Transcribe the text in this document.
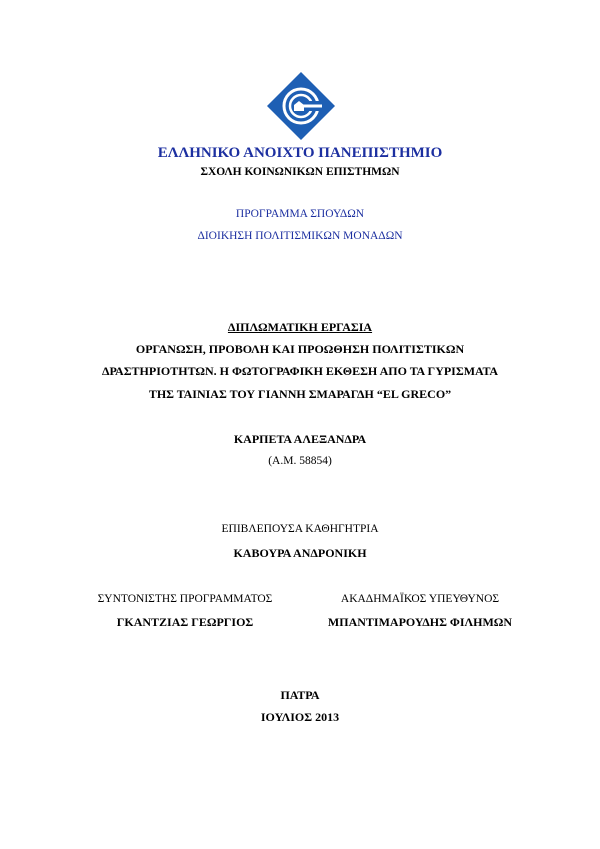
ΕΛΛΗΝΙΚΟ ΑΝΟΙΧΤΟ ΠΑΝΕΠΙΣΤΗΜΙΟ
ΣΧΟΛΗ ΚΟΙΝΩΝΙΚΩΝ ΕΠΙΣΤΗΜΩΝ
ΠΡΟΓΡΑΜΜΑ ΣΠΟΥΔΩΝ
ΔΙΟΙΚΗΣΗ ΠΟΛΙΤΙΣΜΙΚΩΝ ΜΟΝΑΔΩΝ
ΔΙΠΛΩΜΑΤΙΚΗ ΕΡΓΑΣΙΑ
ΟΡΓΑΝΩΣΗ, ΠΡΟΒΟΛΗ ΚΑΙ ΠΡΟΩΘΗΣΗ ΠΟΛΙΤΙΣΤΙΚΩΝ
ΔΡΑΣΤΗΡΙΟΤΗΤΩΝ. Η ΦΩΤΟΓΡΑΦΙΚΗ ΕΚΘΕΣΗ ΑΠΟ ΤΑ ΓΥΡΙΣΜΑΤΑ
ΤΗΣ ΤΑΙΝΙΑΣ ΤΟΥ ΓΙΑΝΝΗ ΣΜΑΡΑΓΔΗ “EL GRECO”
ΚΑΡΠΕΤΑ ΑΛΕΞΑΝΔΡΑ
(Α.Μ. 58854)
ΕΠΙΒΛΕΠΟΥΣΑ ΚΑΘΗΓΗΤΡΙΑ
ΚΑΒΟΥΡΑ ΑΝΔΡΟΝΙΚΗ
ΣΥΝΤΟΝΙΣΤΗΣ ΠΡΟΓΡΑΜΜΑΤΟΣ
ΓΚΑΝΤΖΙΑΣ ΓΕΩΡΓΙΟΣ
ΑΚΑΔΗΜΑΪΚΟΣ ΥΠΕΥΘΥΝΟΣ
ΜΠΑΝΤΙΜΑΡΟΥΔΗΣ ΦΙΛΗΜΩΝ
ΠΑΤΡΑ
ΙΟΥΛΙΟΣ 2013
